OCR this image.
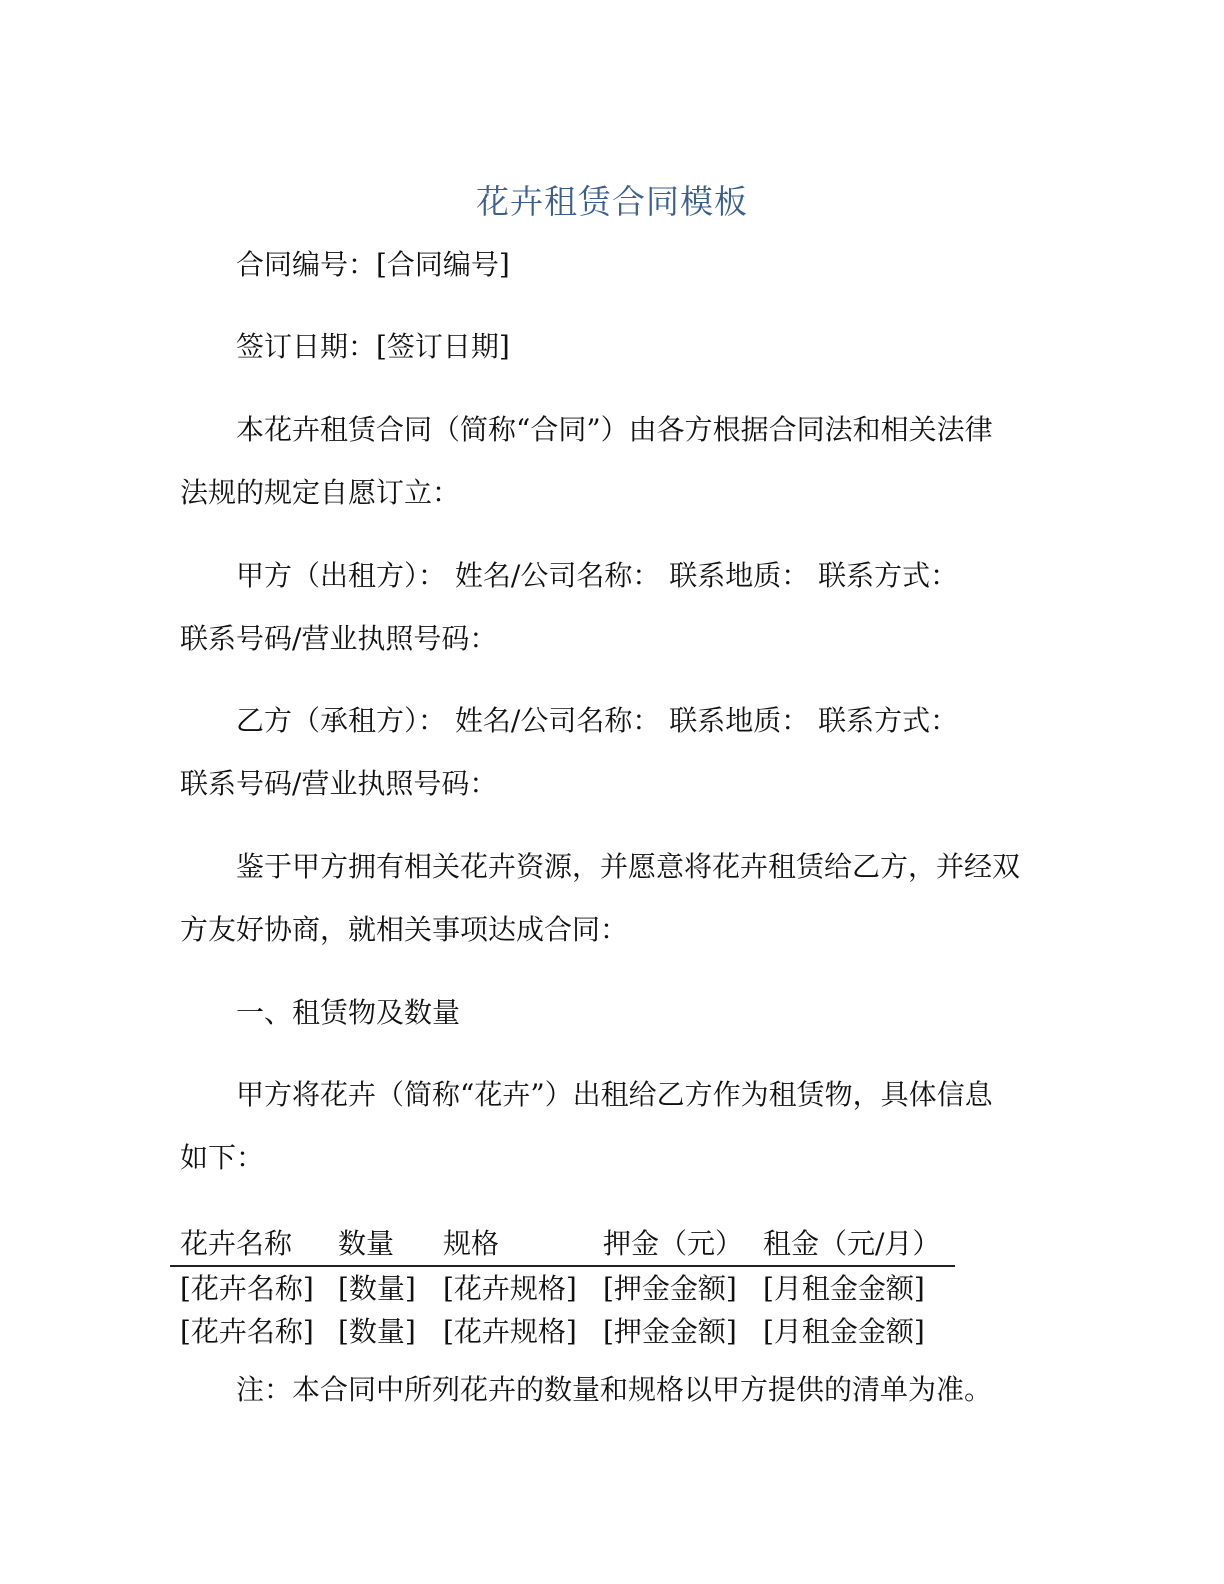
花卉租赁合同模板
合同编号：[合同编号]
签订日期：[签订日期]
本花卉租赁合同（简称“合同”）由各方根据合同法和相关法律
法规的规定自愿订立：
甲方（出租方）： 姓名/公司名称： 联系地质： 联系方式：
联系号码/营业执照号码：
乙方（承租方）： 姓名/公司名称： 联系地质： 联系方式：
联系号码/营业执照号码：
鉴于甲方拥有相关花卉资源，并愿意将花卉租赁给乙方，并经双
方友好协商，就相关事项达成合同：
一、租赁物及数量
甲方将花卉（简称“花卉”）出租给乙方作为租赁物，具体信息
如下：
花卉名称 数量 规格	押金（元） 租金（元/月）
[花卉名称] [数量] [花卉规格] [押金金额] [月租金金额]
[花卉名称] [数量] [花卉规格] [押金金额] [月租金金额]
注：本合同中所列花卉的数量和规格以甲方提供的清单为准。
